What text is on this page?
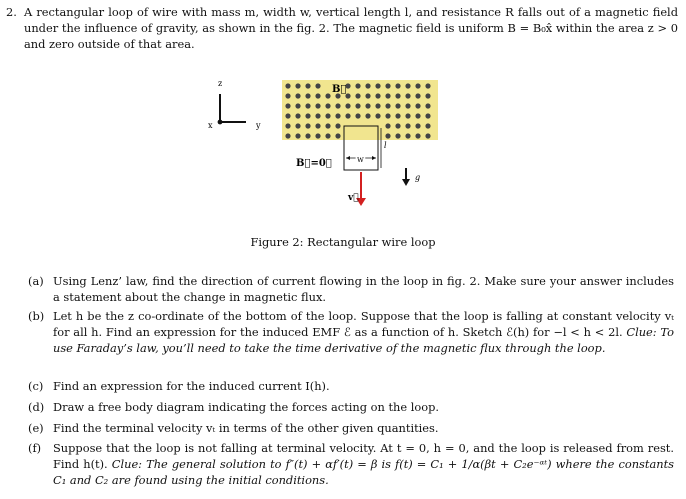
2. A rectangular loop of wire with mass m, width w, vertical length l, and resistance R falls out of a magnetic field under the influence of gravity, as shown in the fig. 2. The magnetic field is uniform B = B₀x̂ within the area z > 0 and zero outside of that area.
z
x	y
B⃗
w
l
B⃗=0⃗
v⃗
g
Figure 2: Rectangular wire loop
(a) Using Lenz’ law, find the direction of current flowing in the loop in fig. 2. Make sure your answer includes a statement about the change in magnetic flux.
(b) Let h be the z co-ordinate of the bottom of the loop. Suppose that the loop is falling at constant velocity vₜ for all h. Find an expression for the induced EMF ℰ as a function of h. Sketch ℰ(h) for −l < h < 2l. Clue: To use Faraday’s law, you’ll need to take the time derivative of the magnetic flux through the loop.
(c) Find an expression for the induced current I(h).
(d) Draw a free body diagram indicating the forces acting on the loop.
(e) Find the terminal velocity vₜ in terms of the other given quantities.
(f) Suppose that the loop is not falling at terminal velocity. At t = 0, h = 0, and the loop is released from rest. Find h(t). Clue: The general solution to f″(t) + αf′(t) = β is f(t) = C₁ + 1/α(βt + C₂e⁻ᵅᵗ) where the constants C₁ and C₂ are found using the initial conditions.
